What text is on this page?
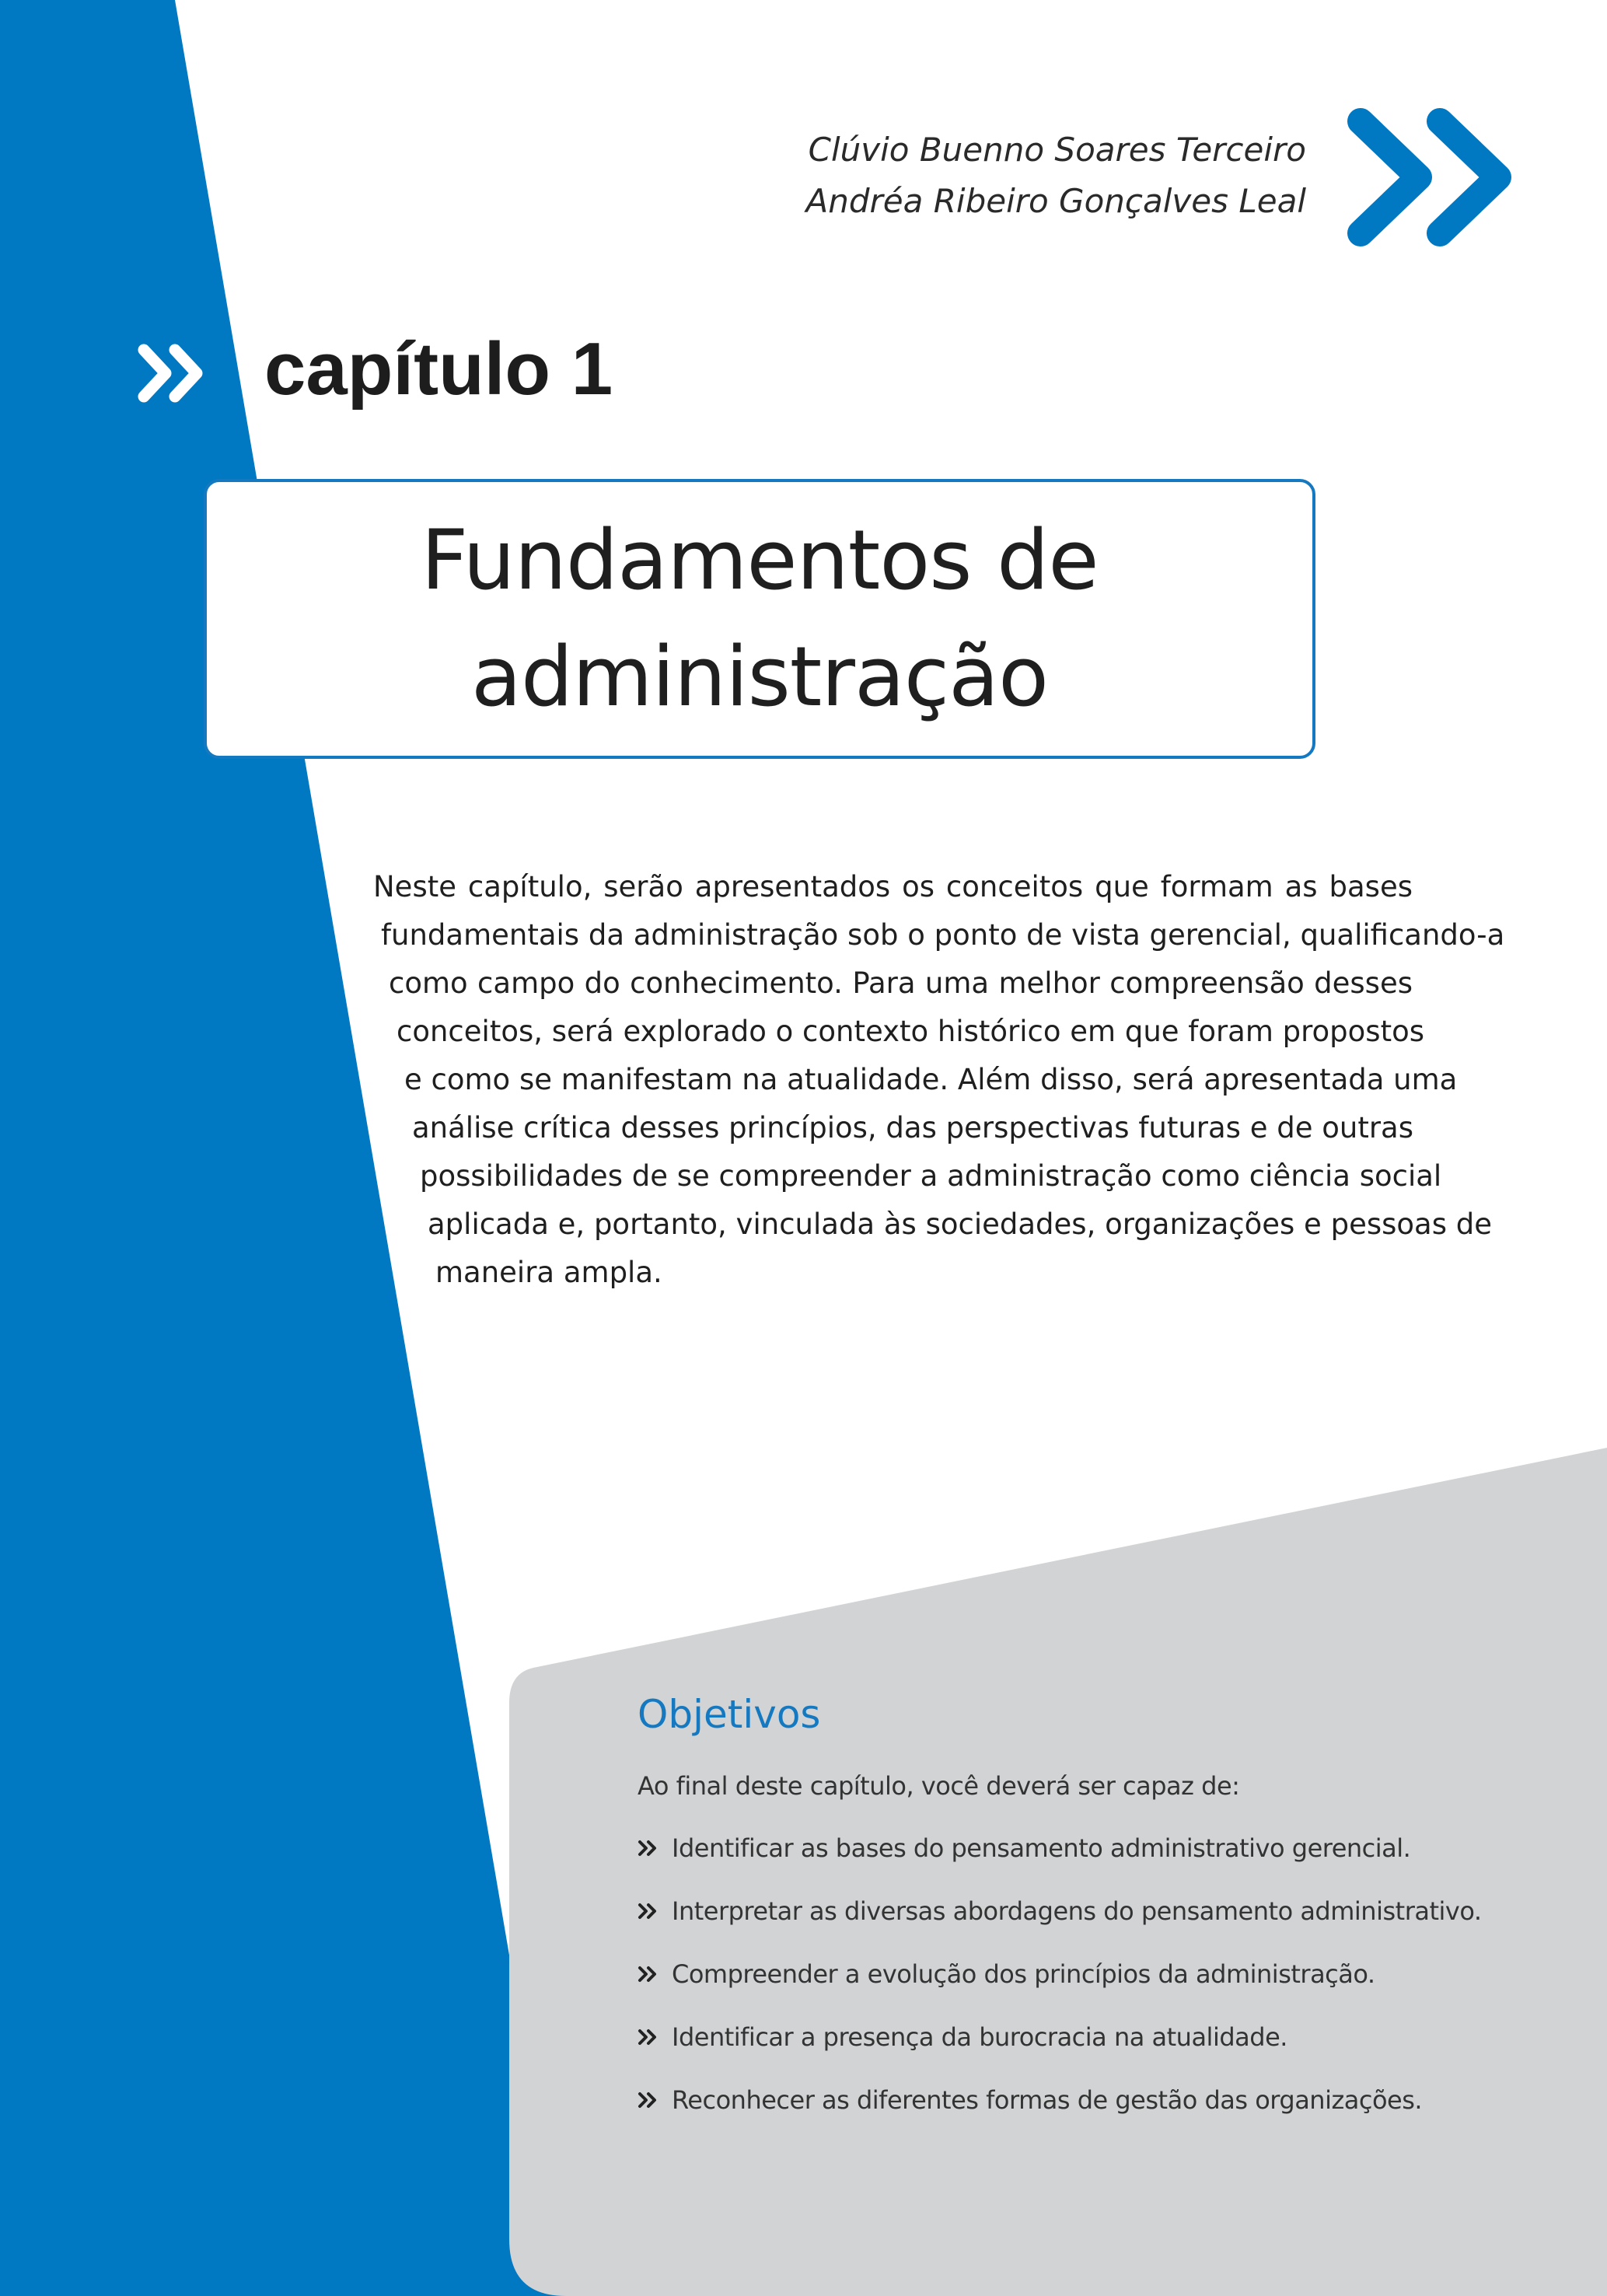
Clúvio Buenno Soares Terceiro
Andréa Ribeiro Gonçalves Leal
capítulo 1
Fundamentos de
administração
Neste capítulo, serão apresentados os conceitos que formam as bases
fundamentais da administração sob o ponto de vista gerencial, qualificando-a
como campo do conhecimento. Para uma melhor compreensão desses
conceitos, será explorado o contexto histórico em que foram propostos
e como se manifestam na atualidade. Além disso, será apresentada uma
análise crítica desses princípios, das perspectivas futuras e de outras
possibilidades de se compreender a administração como ciência social
aplicada e, portanto, vinculada às sociedades, organizações e pessoas de
maneira ampla.
Objetivos
Ao final deste capítulo, você deverá ser capaz de:
Identificar as bases do pensamento administrativo gerencial.
Interpretar as diversas abordagens do pensamento administrativo.
Compreender a evolução dos princípios da administração.
Identificar a presença da burocracia na atualidade.
Reconhecer as diferentes formas de gestão das organizações.
